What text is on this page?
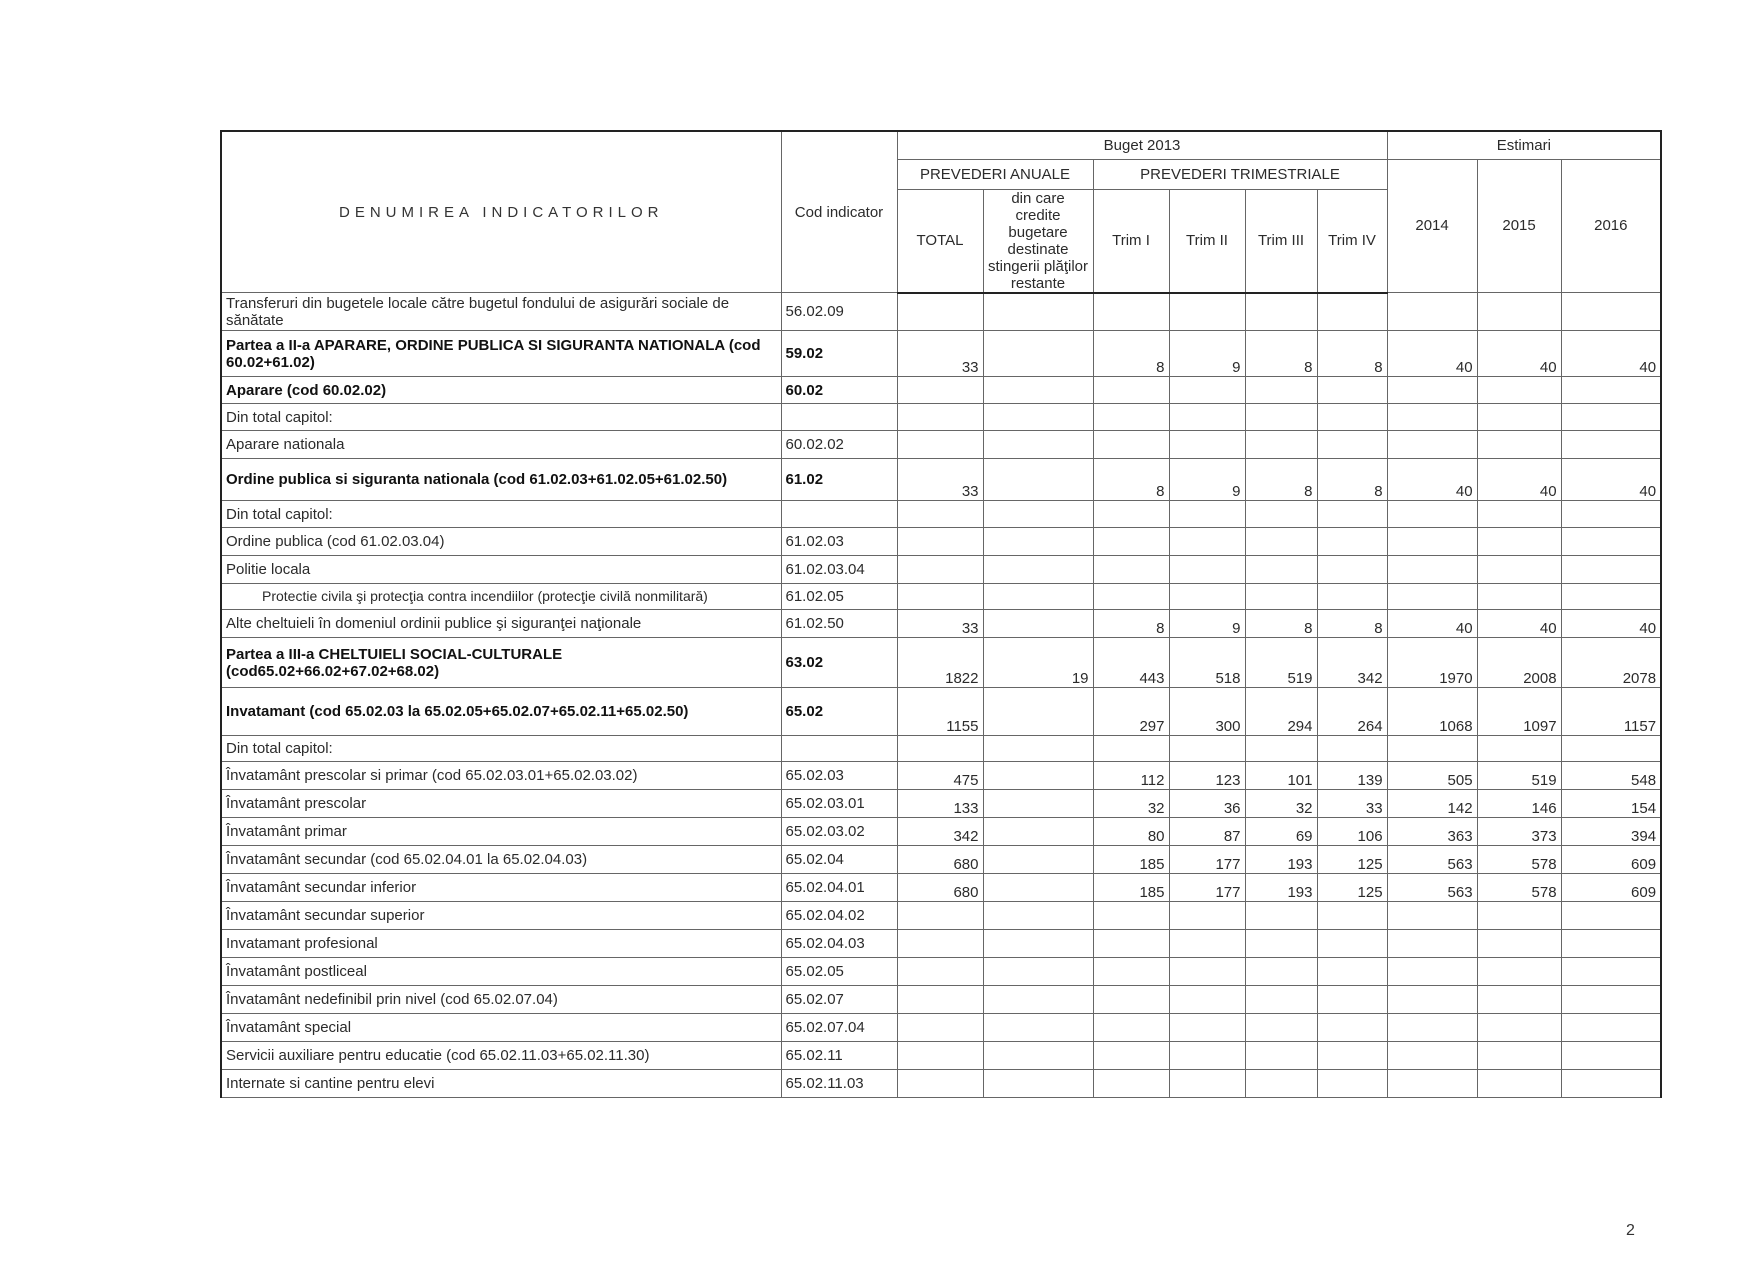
DENUMIREA INDICATORILOR	Cod indicator	Buget 2013						Estimari		
		PREVEDERI ANUALE		PREVEDERI TRIMESTRIALE				2014	2015	2016
		TOTAL	din care credite bugetare destinate stingerii plăţilor restante	Trim I	Trim II	Trim III	Trim IV			
Transferuri din bugetele locale către bugetul fondului de asigurări sociale de sănătate	56.02.09									
Partea a II-a APARARE, ORDINE PUBLICA SI SIGURANTA NATIONALA (cod 60.02+61.02)	59.02	33		8	9	8	8	40	40	40
Aparare (cod 60.02.02)	60.02									
Din total capitol:										
Aparare nationala	60.02.02									
Ordine publica si siguranta nationala (cod 61.02.03+61.02.05+61.02.50)	61.02	33		8	9	8	8	40	40	40
Din total capitol:										
Ordine publica (cod 61.02.03.04)	61.02.03									
Politie locala	61.02.03.04									
Protectie civila şi protecţia contra incendiilor (protecţie civilă nonmilitară)	61.02.05									
Alte cheltuieli în domeniul ordinii publice şi siguranţei naţionale	61.02.50	33		8	9	8	8	40	40	40
Partea a III-a CHELTUIELI SOCIAL-CULTURALE (cod65.02+66.02+67.02+68.02)	63.02	1822	19	443	518	519	342	1970	2008	2078
Invatamant (cod 65.02.03 la 65.02.05+65.02.07+65.02.11+65.02.50)	65.02	1155		297	300	294	264	1068	1097	1157
Din total capitol:										
Învatamânt prescolar si primar (cod 65.02.03.01+65.02.03.02)	65.02.03	475		112	123	101	139	505	519	548
Învatamânt prescolar	65.02.03.01	133		32	36	32	33	142	146	154
Învatamânt primar	65.02.03.02	342		80	87	69	106	363	373	394
Învatamânt secundar (cod 65.02.04.01 la 65.02.04.03)	65.02.04	680		185	177	193	125	563	578	609
Învatamânt secundar inferior	65.02.04.01	680		185	177	193	125	563	578	609
Învatamânt secundar superior	65.02.04.02									
Invatamant profesional	65.02.04.03									
Învatamânt postliceal	65.02.05									
Învatamânt nedefinibil prin nivel (cod 65.02.07.04)	65.02.07									
Învatamânt special	65.02.07.04									
Servicii auxiliare pentru educatie (cod 65.02.11.03+65.02.11.30)	65.02.11									
Internate si cantine pentru elevi	65.02.11.03									
2
